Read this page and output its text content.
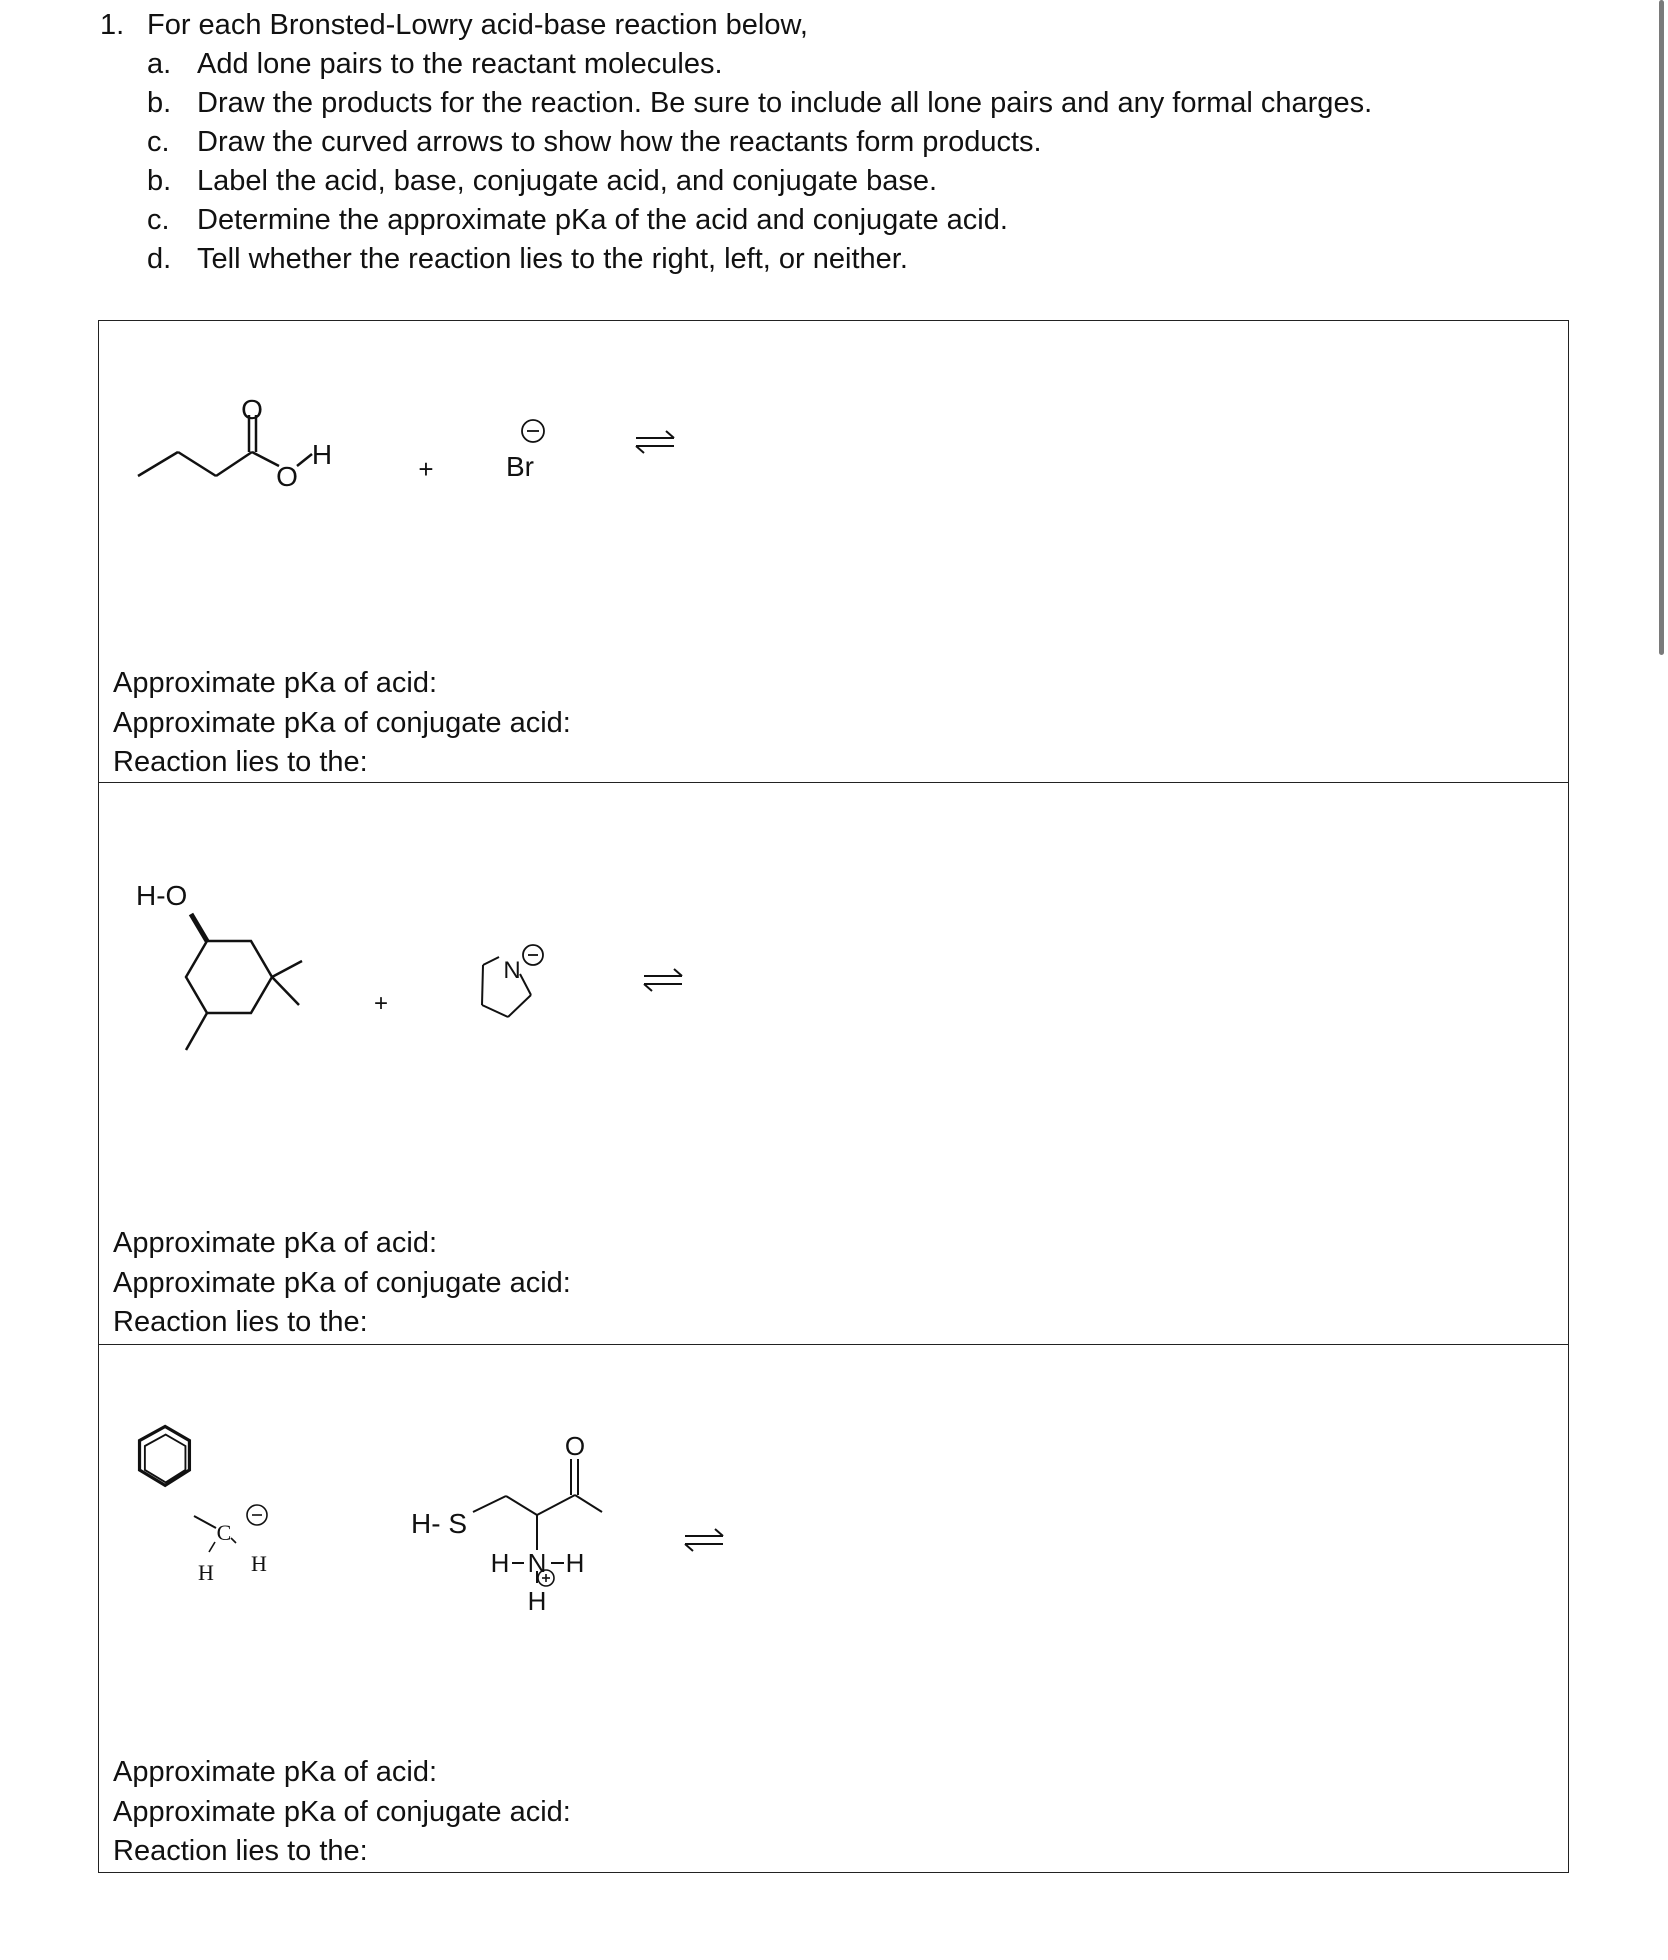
1. For each Bronsted-Lowry acid-base reaction below,
a. Add lone pairs to the reactant molecules.
b. Draw the products for the reaction. Be sure to include all lone pairs and any formal charges.
c. Draw the curved arrows to show how the reactants form products.
b. Label the acid, base, conjugate acid, and conjugate base.
c. Determine the approximate pKa of the acid and conjugate acid.
d. Tell whether the reaction lies to the right, left, or neither.
O
O
H	+	Br
Approximate pKa of acid:
Approximate pKa of conjugate acid:
Reaction lies to the:
H-O
+
N
Approximate pKa of acid:
Approximate pKa of conjugate acid:
Reaction lies to the:
C
H H
H- S
O
H N H
H
Approximate pKa of acid:
Approximate pKa of conjugate acid:
Reaction lies to the:
